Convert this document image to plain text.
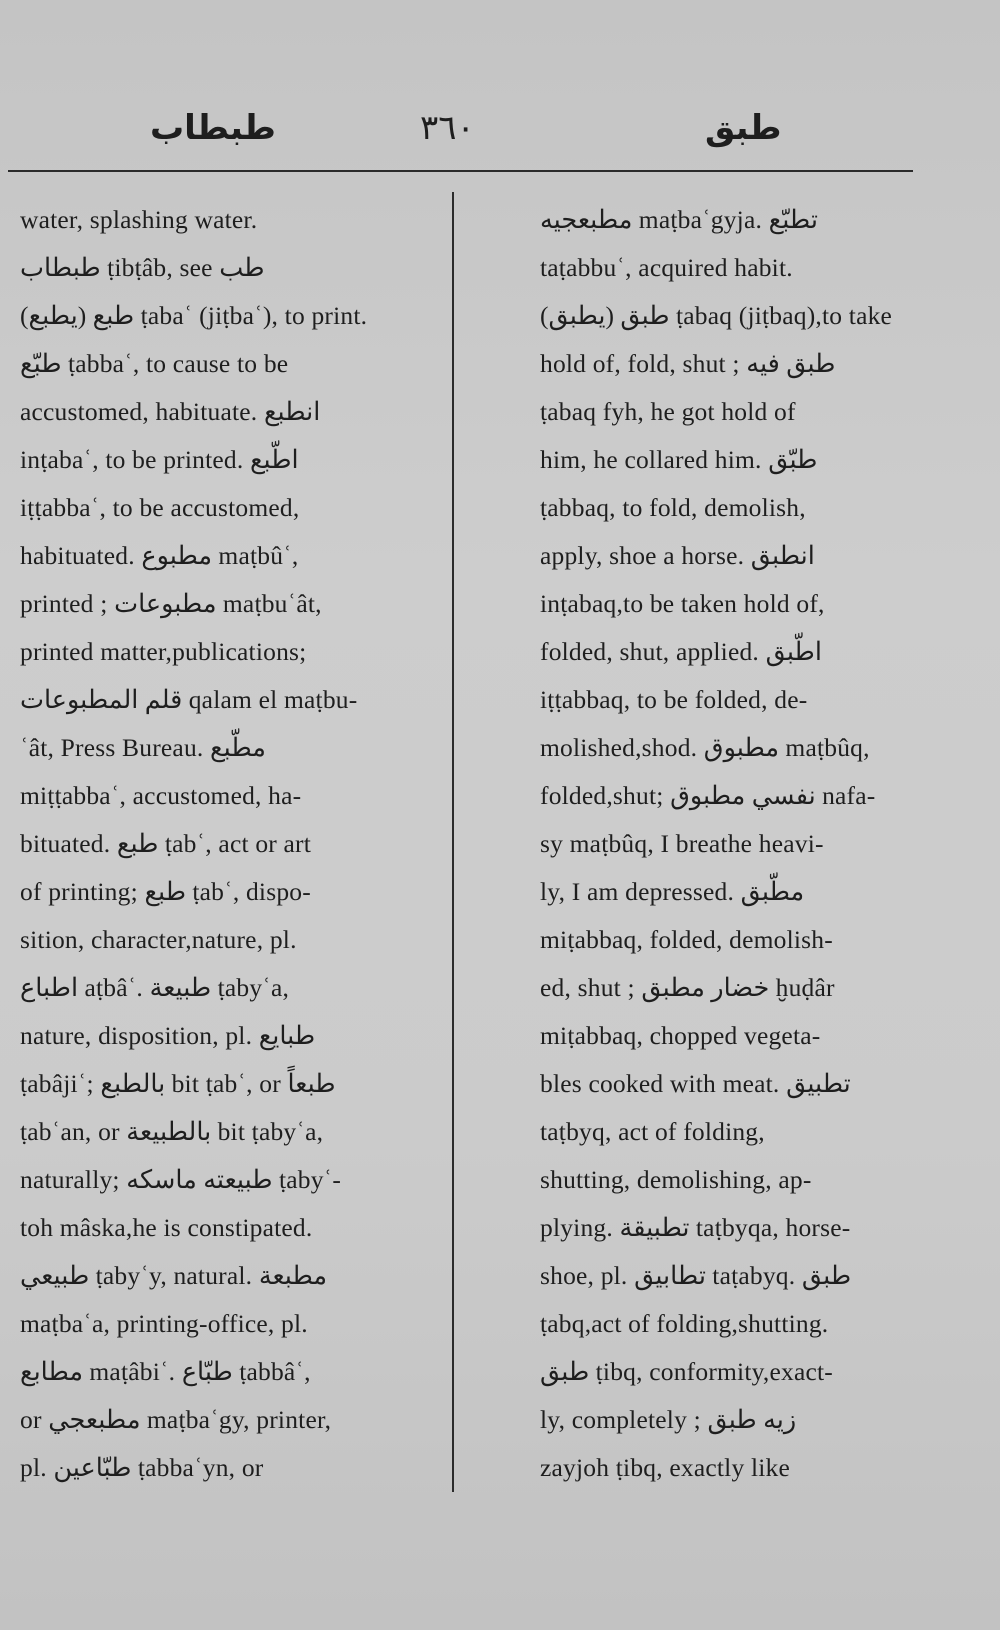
طبطاب	٣٦٠	طبق
water, splashing water.
طبطاب ṭibṭâb, see طب
طبع (يطبع) ṭabaʿ (jiṭbaʿ), to print.
طبّع ṭabbaʿ, to cause to be
accustomed, habituate. انطبع
inṭabaʿ, to be printed. اطّبع
iṭṭabbaʿ, to be accustomed,
habituated. مطبوع maṭbûʿ,
printed ; مطبوعات maṭbuʿât,
printed matter,publications;
قلم المطبوعات qalam el maṭbu-
ʿât, Press Bureau. مطّبع
miṭṭabbaʿ, accustomed, ha-
bituated. طبع ṭabʿ, act or art
of printing; طبع ṭabʿ, dispo-
sition, character,nature, pl.
اطباع aṭbâʿ. طبيعة ṭabyʿa,
nature, disposition, pl. طبايع
ṭabâjiʿ; بالطبع bit ṭabʿ, or طبعاً
ṭabʿan, or بالطبيعة bit ṭabyʿa,
naturally; طبيعته ماسكه ṭabyʿ-
toh mâska,he is constipated.
طبيعي ṭabyʿy, natural. مطبعة
maṭbaʿa, printing-office, pl.
مطابع maṭâbiʿ. طبّاع ṭabbâʿ,
or مطبعجي maṭbaʿgy, printer,
pl. طبّاعين ṭabbaʿyn, or
مطبعجيه maṭbaʿgyja. تطبّع
taṭabbuʿ, acquired habit.
طبق (يطبق) ṭabaq (jiṭbaq),to take
hold of, fold, shut ; طبق فيه
ṭabaq fyh, he got hold of
him, he collared him. طبّق
ṭabbaq, to fold, demolish,
apply, shoe a horse. انطبق
inṭabaq,to be taken hold of,
folded, shut, applied. اطّبق
iṭṭabbaq, to be folded, de-
molished,shod. مطبوق maṭbûq,
folded,shut; نفسي مطبوق nafa-
sy maṭbûq, I breathe heavi-
ly, I am depressed. مطّبق
miṭabbaq, folded, demolish-
ed, shut ; خضار مطبق ḫuḍâr
miṭabbaq, chopped vegeta-
bles cooked with meat. تطبيق
taṭbyq, act of folding,
shutting, demolishing, ap-
plying. تطبيقة taṭbyqa, horse-
shoe, pl. تطابيق taṭabyq. طبق
ṭabq,act of folding,shutting.
طبق ṭibq, conformity,exact-
ly, completely ; زيه طبق
zayjoh ṭibq, exactly like
